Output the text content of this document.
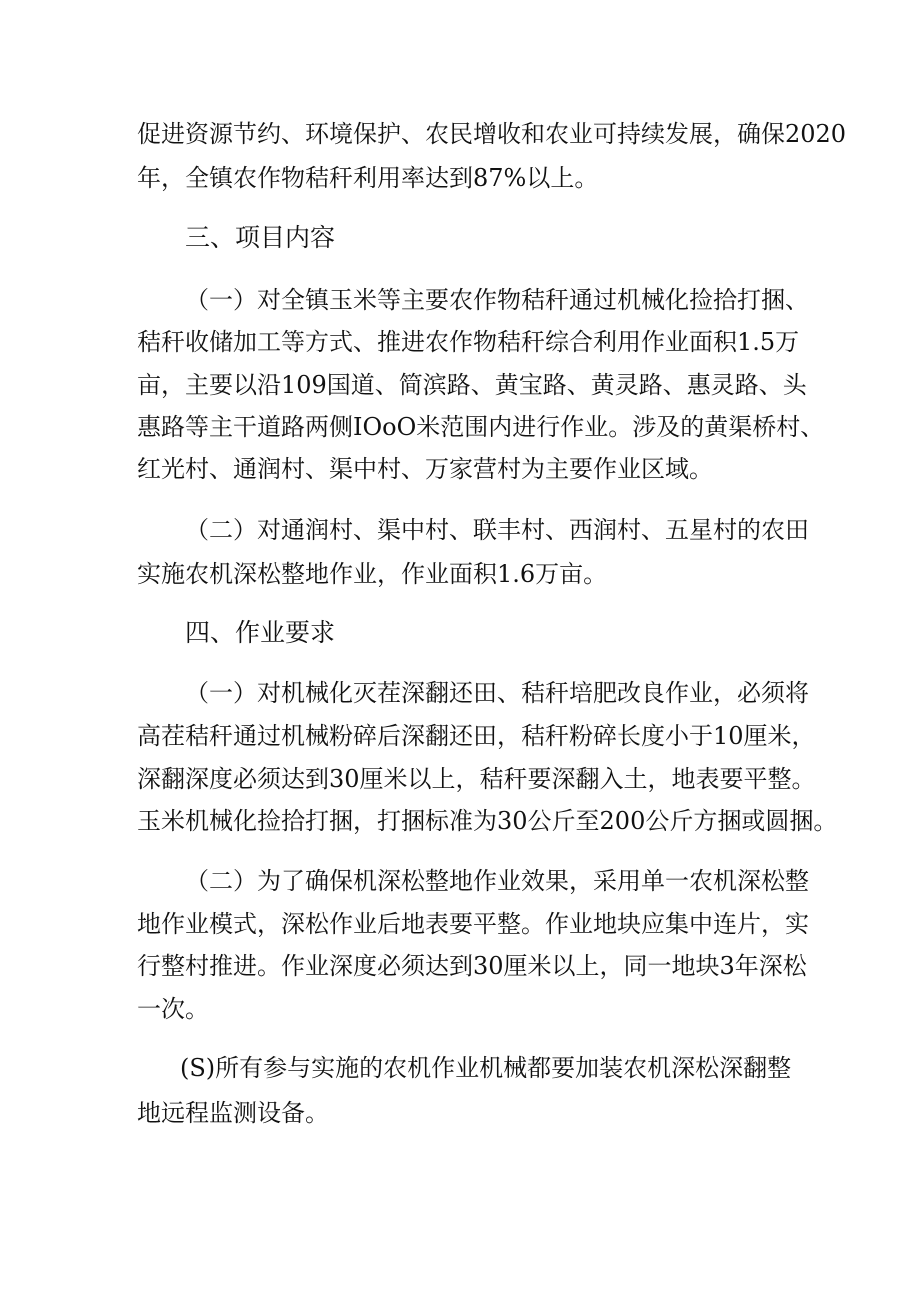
促进资源节约、环境保护、农民增收和农业可持续发展，确保2020
年，全镇农作物秸秆利用率达到87%以上。
三、项目内容
（一）对全镇玉米等主要农作物秸秆通过机械化捡拾打捆、
秸秆收储加工等方式、推进农作物秸秆综合利用作业面积1.5万
亩，主要以沿109国道、简滨路、黄宝路、黄灵路、惠灵路、头
惠路等主干道路两侧IOoO米范围内进行作业。涉及的黄渠桥村、
红光村、通润村、渠中村、万家营村为主要作业区域。
（二）对通润村、渠中村、联丰村、西润村、五星村的农田
实施农机深松整地作业，作业面积1.6万亩。
四、作业要求
（一）对机械化灭茬深翻还田、秸秆培肥改良作业，必须将
高茬秸秆通过机械粉碎后深翻还田，秸秆粉碎长度小于10厘米，
深翻深度必须达到30厘米以上，秸秆要深翻入土，地表要平整。
玉米机械化捡拾打捆，打捆标准为30公斤至200公斤方捆或圆捆。
（二）为了确保机深松整地作业效果，采用单一农机深松整
地作业模式，深松作业后地表要平整。作业地块应集中连片，实
行整村推进。作业深度必须达到30厘米以上，同一地块3年深松
一次。
(S)所有参与实施的农机作业机械都要加装农机深松深翻整
地远程监测设备。
